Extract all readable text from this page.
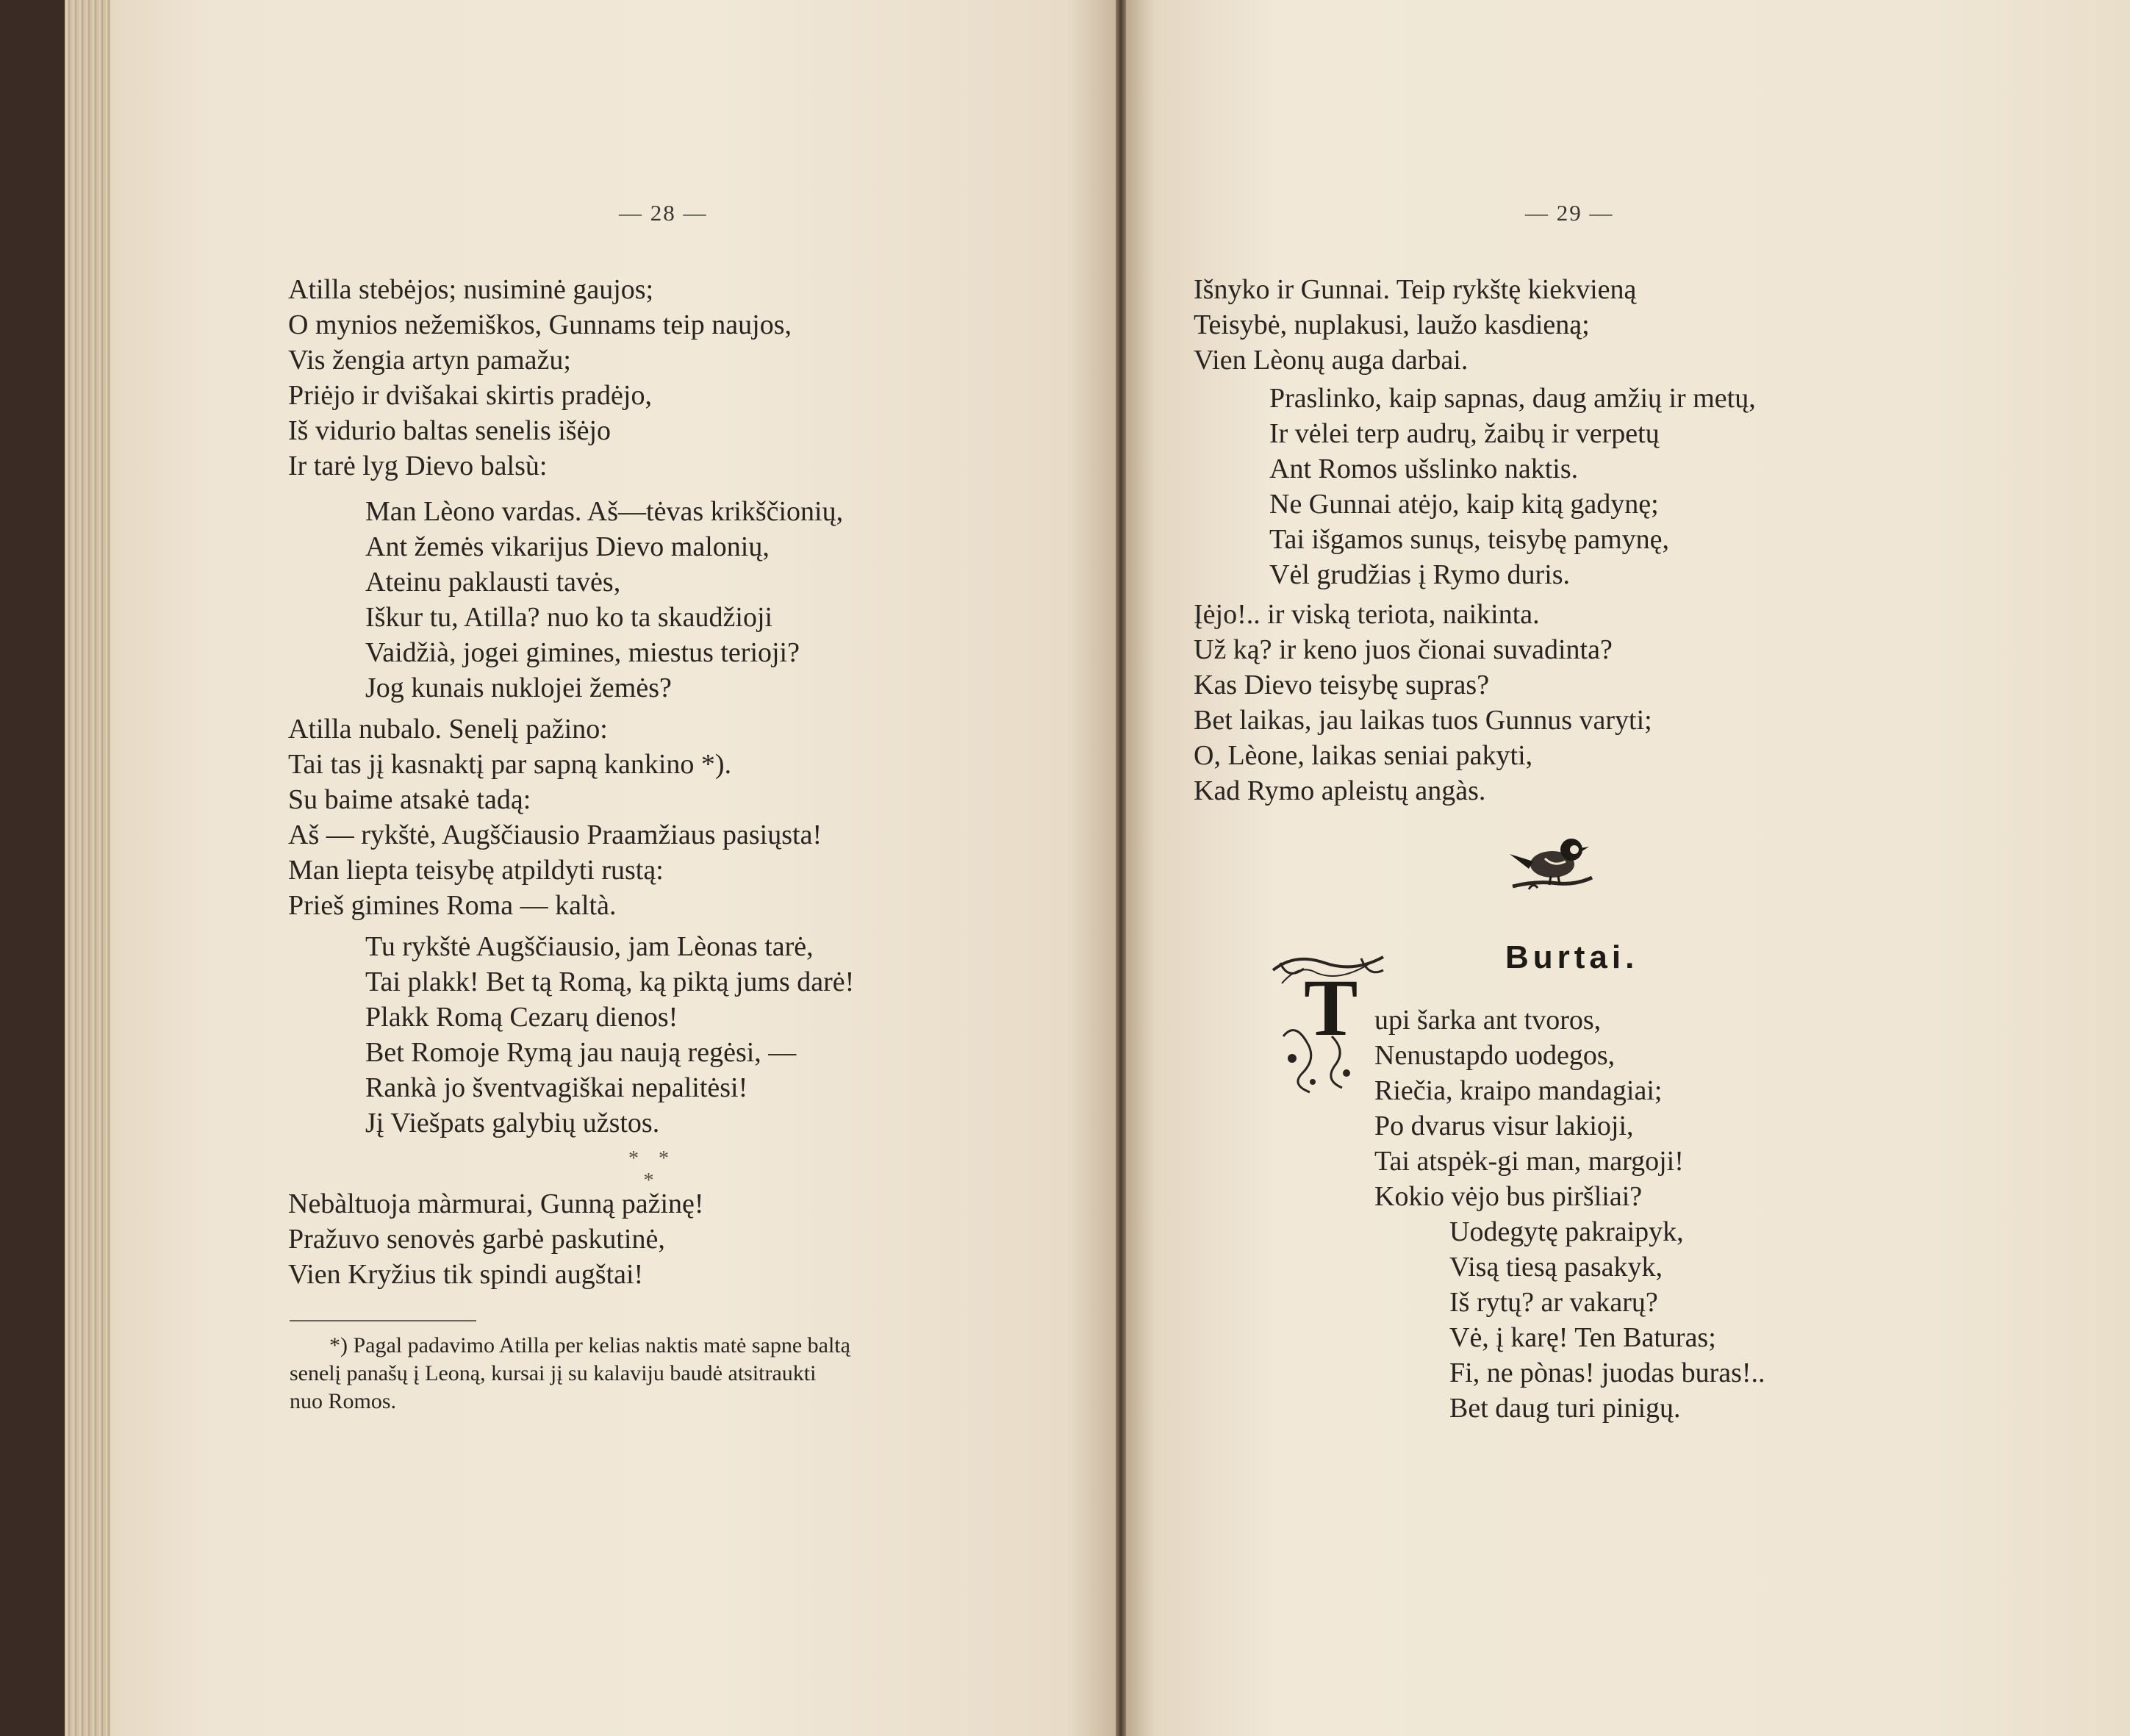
— 28 —
Atilla stebėjos; nusiminė gaujos;
O mynios nežemiškos, Gunnams teip naujos,
Vis žengia artyn pamažu;
Priėjo ir dvišakai skirtis pradėjo,
Iš vidurio baltas senelis išėjo
Ir tarė lyg Dievo balsù:
Man Lèono vardas. Aš—tėvas krikščionių,
Ant žemės vikarijus Dievo malonių,
Ateinu paklausti tavės,
Iškur tu, Atilla? nuo ko ta skaudžioji
Vaidžià, jogei gimines, miestus terioji?
Jog kunais nuklojei žemės?
Atilla nubalo. Senelį pažino:
Tai tas jį kasnaktį par sapną kankino *).
Su baime atsakė tadą:
Aš — rykštė, Augščiausio Praamžiaus pasiųsta!
Man liepta teisybę atpildyti rustą:
Prieš gimines Roma — kaltà.
Tu rykštė Augščiausio, jam Lèonas tarė,
Tai plakk! Bet tą Romą, ką piktą jums darė!
Plakk Romą Cezarų dienos!
Bet Romoje Rymą jau naują regėsi, —
Rankà jo šventvagiškai nepalitėsi!
Jį Viešpats galybių užstos.
* *
*
Nebàltuoja màrmurai, Gunną pažinę!
Pražuvo senovės garbė paskutinė,
Vien Kryžius tik spindi augštai!
*) Pagal padavimo Atilla per kelias naktis matė sapne baltą
senelį panašų į Leoną, kursai jį su kalaviju baudė atsitraukti
nuo Romos.
— 29 —
Išnyko ir Gunnai. Teip rykštę kiekvieną
Teisybė, nuplakusi, laužo kasdieną;
Vien Lèonų auga darbai.
Praslinko, kaip sapnas, daug amžių ir metų,
Ir vėlei terp audrų, žaibų ir verpetų
Ant Romos ušslinko naktis.
Ne Gunnai atėjo, kaip kitą gadynę;
Tai išgamos sunųs, teisybę pamynę,
Vėl grudžias į Rymo duris.
Įėjo!.. ir viską teriota, naikinta.
Už ką? ir keno juos čionai suvadinta?
Kas Dievo teisybę supras?
Bet laikas, jau laikas tuos Gunnus varyti;
O, Lèone, laikas seniai pakyti,
Kad Rymo apleistų angàs.
Burtai.
T upi šarka ant tvoros,
Nenustapdo uodegos,
Riečia, kraipo mandagiai;
Po dvarus visur lakioji,
Tai atspėk-gi man, margoji!
Kokio vėjo bus piršliai?
Uodegytę pakraipyk,
Visą tiesą pasakyk,
Iš rytų? ar vakarų?
Vė, į karę! Ten Baturas;
Fi, ne pònas! juodas buras!..
Bet daug turi pinigų.
